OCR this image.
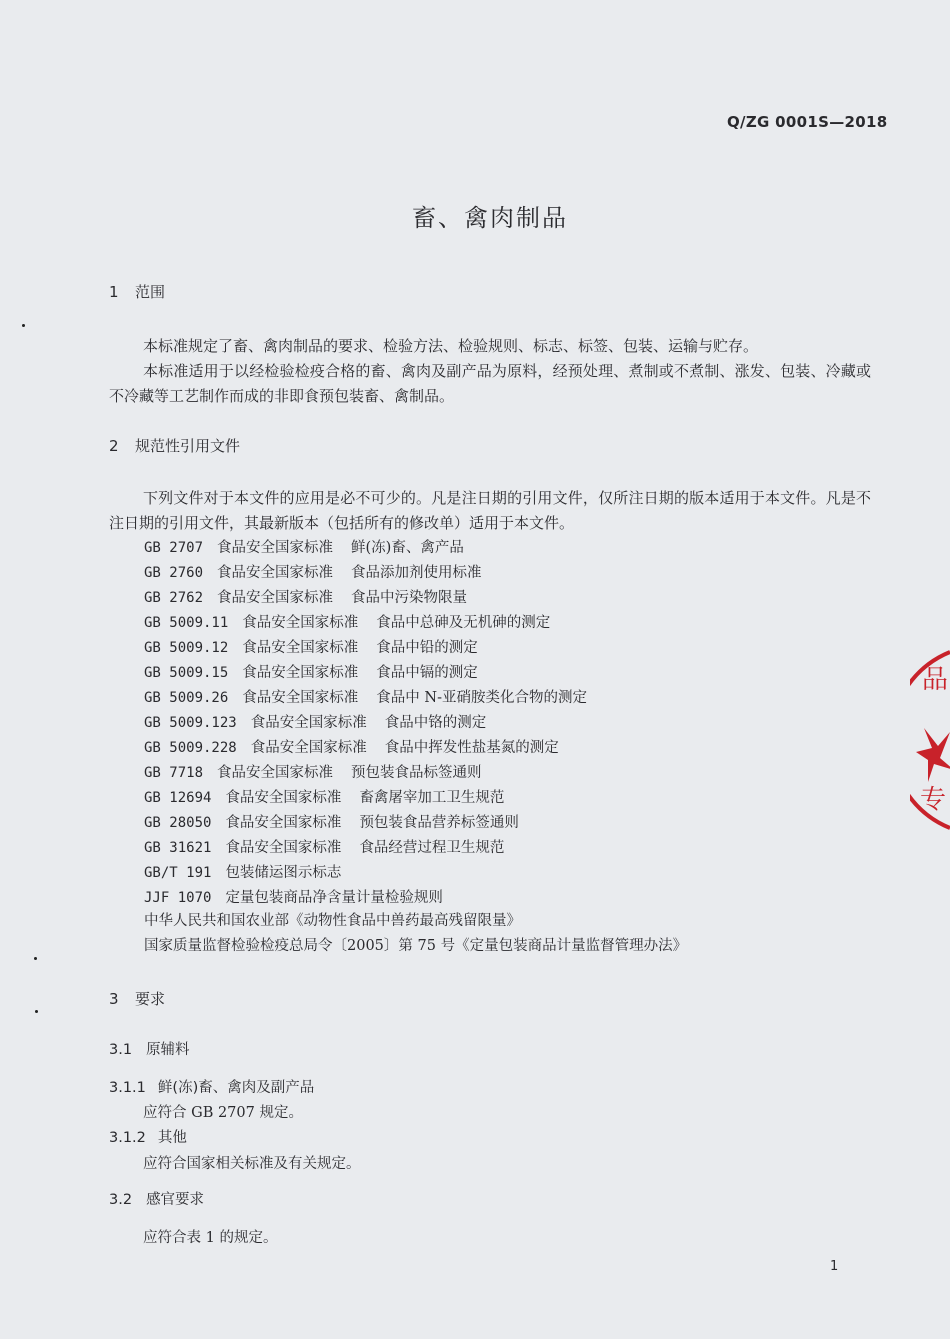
Q/ZG 0001S—2018
畜、禽肉制品
1 范围
本标准规定了畜、禽肉制品的要求、检验方法、检验规则、标志、标签、包装、运输与贮存。
本标准适用于以经检验检疫合格的畜、禽肉及副产品为原料，经预处理、煮制或不煮制、涨发、包装、冷藏或不冷藏等工艺制作而成的非即食预包装畜、禽制品。
2 规范性引用文件
下列文件对于本文件的应用是必不可少的。凡是注日期的引用文件，仅所注日期的版本适用于本文件。凡是不注日期的引用文件，其最新版本（包括所有的修改单）适用于本文件。
GB 2707 食品安全国家标准 鲜(冻)畜、禽产品
GB 2760 食品安全国家标准 食品添加剂使用标准
GB 2762 食品安全国家标准 食品中污染物限量
GB 5009.11 食品安全国家标准 食品中总砷及无机砷的测定
GB 5009.12 食品安全国家标准 食品中铅的测定
GB 5009.15 食品安全国家标准 食品中镉的测定
GB 5009.26 食品安全国家标准 食品中 N-亚硝胺类化合物的测定
GB 5009.123 食品安全国家标准 食品中铬的测定
GB 5009.228 食品安全国家标准 食品中挥发性盐基氮的测定
GB 7718 食品安全国家标准 预包装食品标签通则
GB 12694 食品安全国家标准 畜禽屠宰加工卫生规范
GB 28050 食品安全国家标准 预包装食品营养标签通则
GB 31621 食品安全国家标准 食品经营过程卫生规范
GB/T 191 包装储运图示标志
JJF 1070 定量包装商品净含量计量检验规则
中华人民共和国农业部《动物性食品中兽药最高残留限量》
国家质量监督检验检疫总局令〔2005〕第 75 号《定量包装商品计量监督管理办法》
3 要求
3.1 原辅料
3.1.1 鲜(冻)畜、禽肉及副产品
应符合 GB 2707 规定。
3.1.2 其他
应符合国家相关标准及有关规定。
3.2 感官要求
应符合表 1 的规定。
1
品
专
